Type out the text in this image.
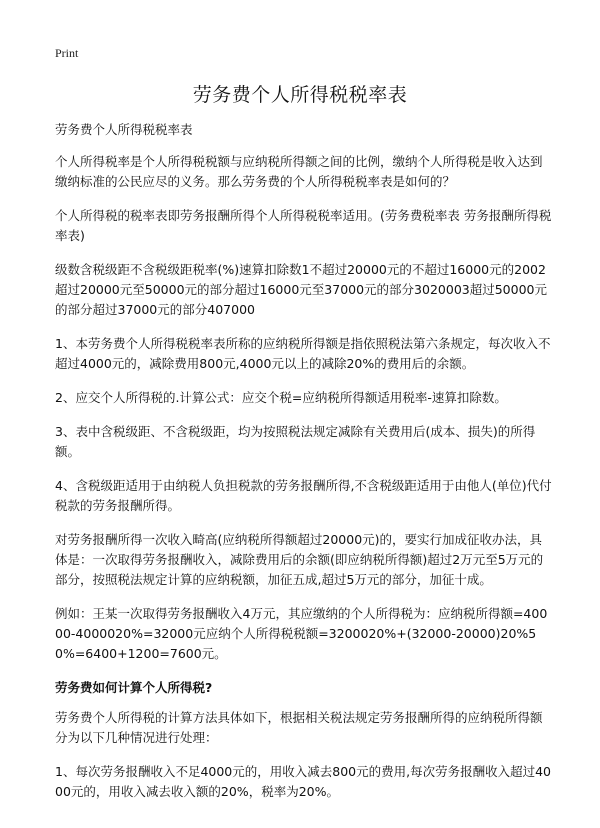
Print
劳务费个人所得税税率表

劳务费个人所得税税率表

个人所得税率是个人所得税税额与应纳税所得额之间的比例，缴纳个人所得税是收入达到缴纳标准的公民应尽的义务。那么劳务费的个人所得税税率表是如何的？

个人所得税的税率表即劳务报酬所得个人所得税税率适用。(劳务费税率表 劳务报酬所得税率表)

级数含税级距不含税级距税率(%)速算扣除数1不超过20000元的不超过16000元的2002超过20000元至50000元的部分超过16000元至37000元的部分3020003超过50000元的部分超过37000元的部分407000

1、本劳务费个人所得税税率表所称的应纳税所得额是指依照税法第六条规定，每次收入不超过4000元的，减除费用800元,4000元以上的减除20%的费用后的余额。

2、应交个人所得税的.计算公式：应交个税=应纳税所得额适用税率-速算扣除数。

3、表中含税级距、不含税级距，均为按照税法规定减除有关费用后(成本、损失)的所得额。

4、含税级距适用于由纳税人负担税款的劳务报酬所得,不含税级距适用于由他人(单位)代付税款的劳务报酬所得。

对劳务报酬所得一次收入畸高(应纳税所得额超过20000元)的，要实行加成征收办法，具体是：一次取得劳务报酬收入，减除费用后的余额(即应纳税所得额)超过2万元至5万元的部分，按照税法规定计算的应纳税额，加征五成,超过5万元的部分，加征十成。

例如：王某一次取得劳务报酬收入4万元，其应缴纳的个人所得税为：应纳税所得额=40000-4000020%=32000元应纳个人所得税税额=3200020%+(32000-20000)20%50%=6400+1200=7600元。

劳务费如何计算个人所得税?

劳务费个人所得税的计算方法具体如下，根据相关税法规定劳务报酬所得的应纳税所得额分为以下几种情况进行处理：

1、每次劳务报酬收入不足4000元的，用收入减去800元的费用,每次劳务报酬收入超过4000元的，用收入减去收入额的20%，税率为20%。
